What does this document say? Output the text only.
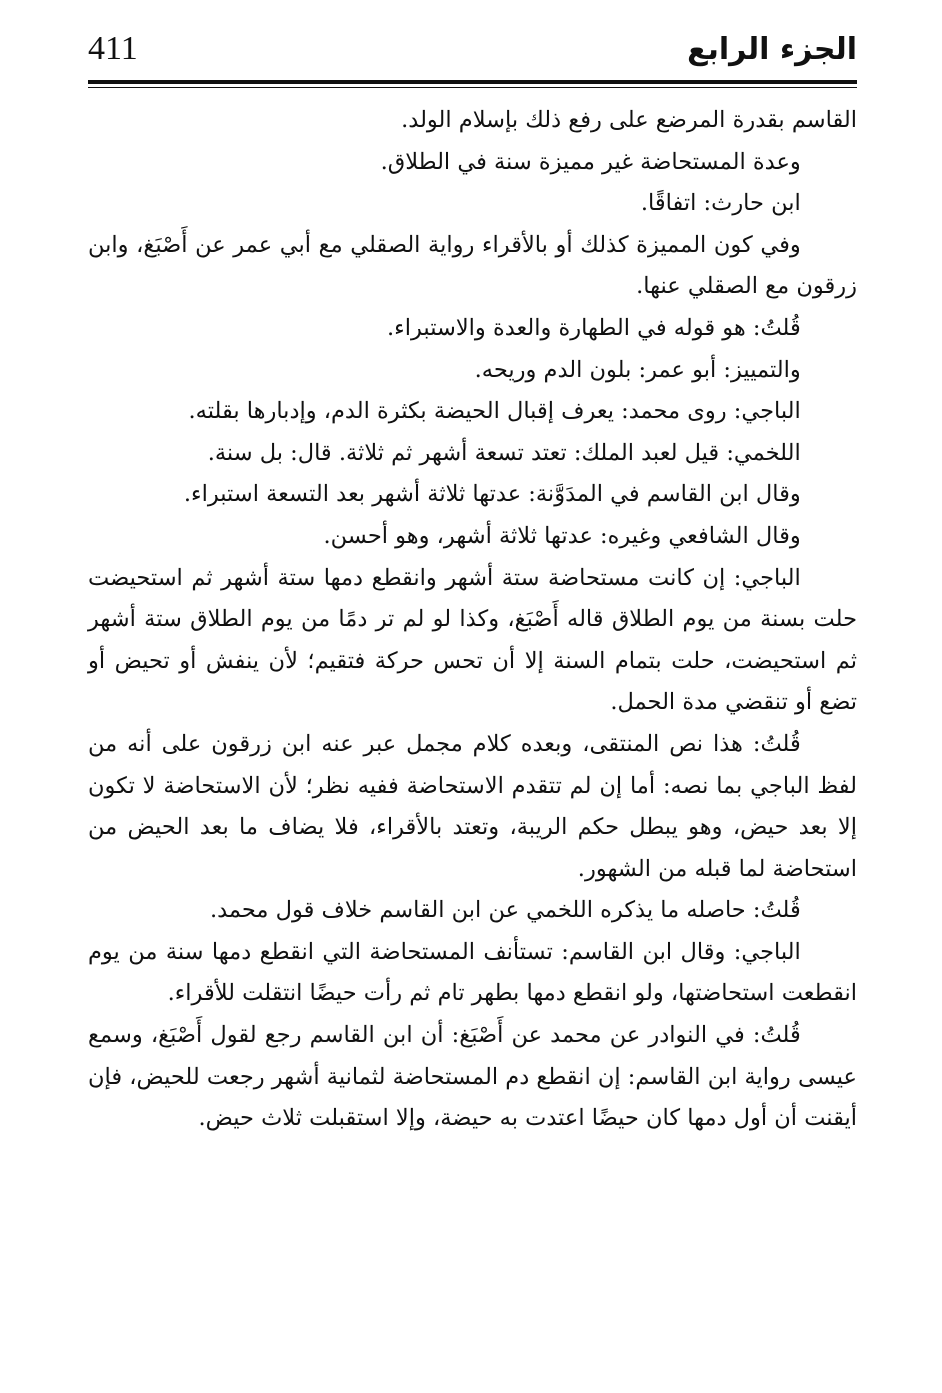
الجزء الرابع
411

القاسم بقدرة المرضع على رفع ذلك بإسلام الولد.

وعدة المستحاضة غير مميزة سنة في الطلاق.

ابن حارث: اتفاقًا.

وفي كون المميزة كذلك أو بالأقراء رواية الصقلي مع أبي عمر عن أَصْبَغ، وابن زرقون مع الصقلي عنها.

قُلتُ: هو قوله في الطهارة والعدة والاستبراء.

والتمييز: أبو عمر: بلون الدم وريحه.

الباجي: روى محمد: يعرف إقبال الحيضة بكثرة الدم، وإدبارها بقلته.

اللخمي: قيل لعبد الملك: تعتد تسعة أشهر ثم ثلاثة. قال: بل سنة.

وقال ابن القاسم في المدَوَّنة: عدتها ثلاثة أشهر بعد التسعة استبراء.

وقال الشافعي وغيره: عدتها ثلاثة أشهر، وهو أحسن.

الباجي: إن كانت مستحاضة ستة أشهر وانقطع دمها ستة أشهر ثم استحيضت حلت بسنة من يوم الطلاق قاله أَصْبَغ، وكذا لو لم تر دمًا من يوم الطلاق ستة أشهر ثم استحيضت، حلت بتمام السنة إلا أن تحس حركة فتقيم؛ لأن ينفش أو تحيض أو تضع أو تنقضي مدة الحمل.

قُلتُ: هذا نص المنتقى، وبعده كلام مجمل عبر عنه ابن زرقون على أنه من لفظ الباجي بما نصه: أما إن لم تتقدم الاستحاضة ففيه نظر؛ لأن الاستحاضة لا تكون إلا بعد حيض، وهو يبطل حكم الريبة، وتعتد بالأقراء، فلا يضاف ما بعد الحيض من استحاضة لما قبله من الشهور.

قُلتُ: حاصله ما يذكره اللخمي عن ابن القاسم خلاف قول محمد.

الباجي: وقال ابن القاسم: تستأنف المستحاضة التي انقطع دمها سنة من يوم انقطعت استحاضتها، ولو انقطع دمها بطهر تام ثم رأت حيضًا انتقلت للأقراء.

قُلتُ: في النوادر عن محمد عن أَصْبَغ: أن ابن القاسم رجع لقول أَصْبَغ، وسمع عيسى رواية ابن القاسم: إن انقطع دم المستحاضة لثمانية أشهر رجعت للحيض، فإن أيقنت أن أول دمها كان حيضًا اعتدت به حيضة، وإلا استقبلت ثلاث حيض.
